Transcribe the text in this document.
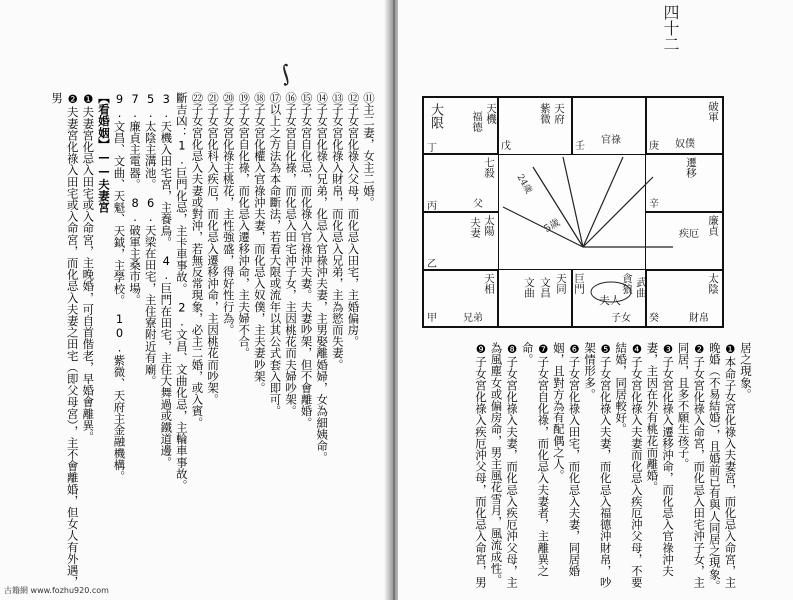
⑪主二妻，女主二婚。
⑫子女宮化祿入父母，而化忌入田宅，主婚偏房。
⑬子女宮化祿入財帛，而化忌入兄弟，主為慾而失妻。
⑭子女宮化祿入兄弟，化忌入官祿沖夫妻，主男娶離婚婦，女為細姨命。
⑮子女宮自化忌，而化祿入官祿沖夫妻。夫妻吵架，但不會離婚。
⑯子女宮自化祿，而化忌入田宅沖子女，主因桃花而夫婦吵架。
⑰以上之方法為本命斷法，若看大限或流年以其公式套入即可。
⑱子女宮化權入官祿沖夫妻，而化忌入奴僕，主夫妻吵架。
⑲子女宮自化祿，而化忌入遷移沖命，主夫婦不合。
⑳子女宮化祿主桃花，主性強盛，得好性行為。
㉑子女宮化科入疾厄，而化忌入遷移沖命，主因桃花而吵架。
㉒子女宮化忌入夫妻或對沖，若無反常現象，必主二婚，或入賓。
斷吉凶：1.巨門化忌，主卡車事故。　2.文昌、文曲化忌，主輪車事故。
3.天機入田宅宮，主養鳥。　4.巨門在田宅，主住大舞過或鐵道邊。
5.太陰主溝池。　6.天梁在田宅，主住寮附近有廟。
7.廉貞主電器。　8.破軍主桑市場。
9.文昌、文曲、天魁、天鉞，主學校。　10.紫微、天府主金融機構。
【看婚姻】——夫妻宮
❶夫妻宮化忌入田宅或入命宮，主晚婚，可自首偕老，早婚會離異。
❷夫妻宮化祿入田宅或入命宮，而化忌入夫妻之田宅（即父母宮），主不會離婚，但女人有外遇，男
∫
古籍網 www.fozhu920.com
大限	福德 天機
戊	壬
官祿
庚
破軍
奴僕
丁
七殺
丙	父
太陽
夫妻
乙
天相
兄弟
甲	子女 癸	財帛
太陰
遷移
疾厄 廉貞
辛
文曲 文昌 天同 巨門	貪狼 武曲
紫微 天府
5歲
夫人
24歲
四十二
居之現象。
❶本命子女宮化祿入夫妻宮，而化忌入命宮，主晚婚（不易結婚），且婚前已有與人同居之現象。
❷子女宮化祿入命宮，而化忌入田宅沖子女，主同居，且多不願生孩子。
❸子女宮化祿入遷移沖命，而化忌入官祿沖夫妻，主因在外有桃花而離婚。
❹子女宮化祿入夫妻而化忌入疾厄沖父母，不要結婚，同居較好。
❺子女宮化祿入夫妻，而化忌入福德沖財帛，吵架情形多。
❻子女宮化祿入田宅，而化忌入夫妻，同居婚姻，且對方為有配偶之人。
❼子女宮自化祿，而化忌入夫妻者，主離異之命。
❽子女宮化祿入夫妻，而化忌入疾厄沖父母，主為風塵女或偏房命，男主風花雪月，風流成性。
❾子女宮化祿入疾厄沖父母，而化忌入命宮，男
